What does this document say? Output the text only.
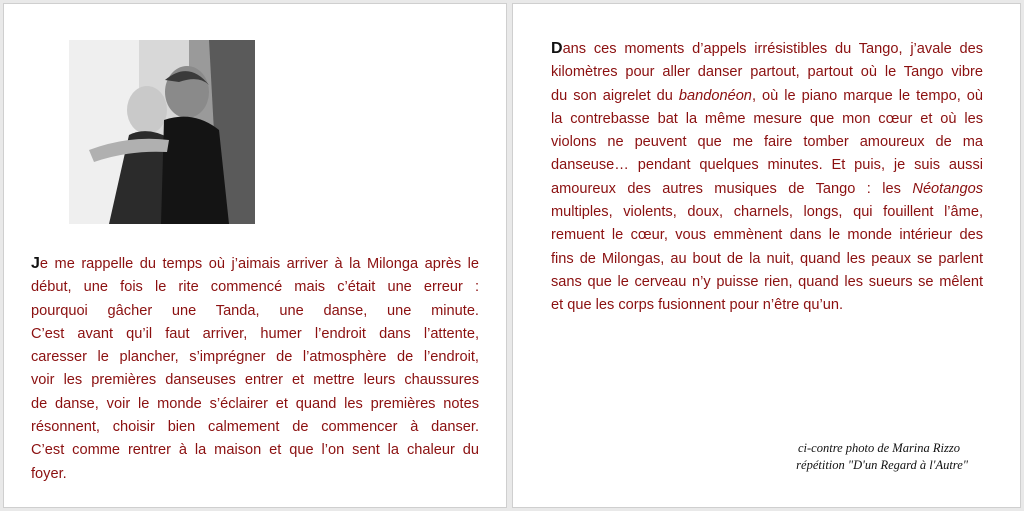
Je me rappelle du temps où j’aimais arriver à la Milonga après le
début, une fois le rite commencé mais c’était une erreur :
pourquoi gâcher une Tanda, une danse, une minute.
C’est avant qu’il faut arriver, humer l’endroit dans l’attente,
caresser le plancher, s’imprégner de l’atmosphère de l’endroit,
voir les premières danseuses entrer et mettre leurs chaussures
de danse, voir le monde s’éclairer et quand les premières notes
résonnent, choisir bien calmement de commencer à danser.
C’est comme rentrer à la maison et que l’on sent la chaleur du
foyer.
Dans ces moments d’appels irrésistibles du Tango, j’avale des
kilomètres pour aller danser partout, partout où le Tango vibre
du son aigrelet du bandonéon, où le piano marque le tempo, où
la contrebasse bat la même mesure que mon cœur et où les
violons ne peuvent que me faire tomber amoureux de ma
danseuse… pendant quelques minutes. Et puis, je suis aussi
amoureux des autres musiques de Tango : les Néotangos
multiples, violents, doux, charnels, longs, qui fouillent l’âme,
remuent le cœur, vous emmènent dans le monde intérieur des
fins de Milongas, au bout de la nuit, quand les peaux se parlent
sans que le cerveau n’y puisse rien, quand les sueurs se mêlent
et que les corps fusionnent pour n’être qu’un.
ci-contre photo de Marina Rizzo
répétition "D'un Regard à l'Autre"
